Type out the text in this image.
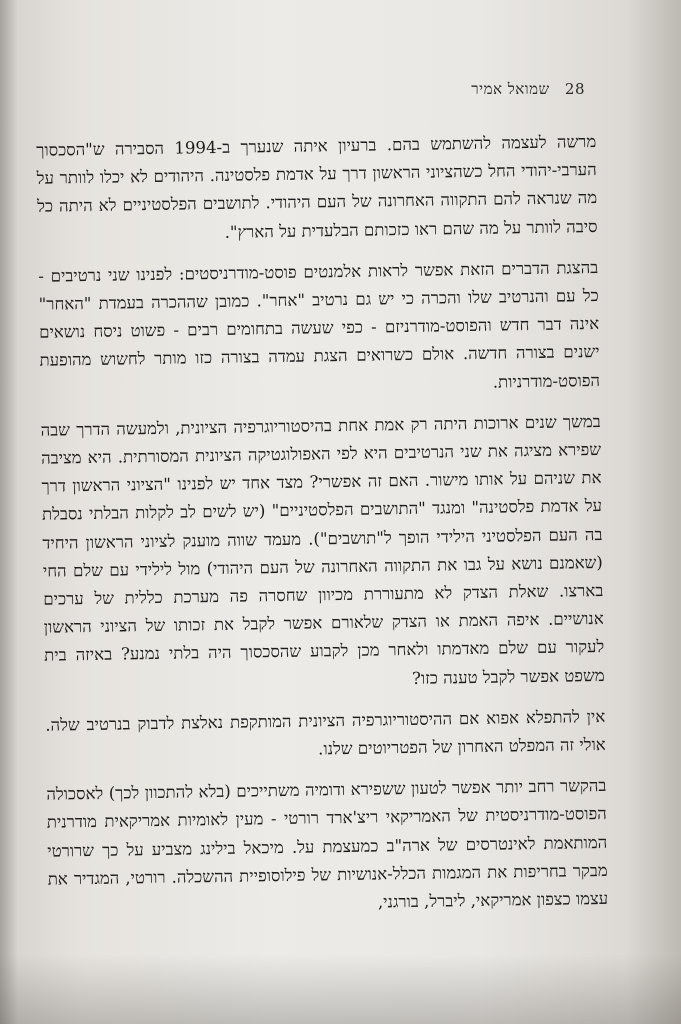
28 שמואל אמיר

מרשה לעצמה להשתמש בהם. ברעיון איתה שנערך ב-1994 הסבירה ש"הסכסוך הערבי-יהודי החל כשהציוני הראשון דרך על אדמת פלסטינה. היהודים לא יכלו לוותר על מה שנראה להם התקווה האחרונה של העם היהודי. לתושבים הפלסטיניים לא היתה כל סיבה לוותר על מה שהם ראו כזכותם הבלעדית על הארץ".

בהצגת הדברים הזאת אפשר לראות אלמנטים פוסט-מודרניסטים: לפנינו שני נרטיבים - כל עם והנרטיב שלו והכרה כי יש גם נרטיב "אחר". כמובן שההכרה בעמדת "האחר" אינה דבר חדש והפוסט-מודרניזם - כפי שעשה בתחומים רבים - פשוט ניסח נושאים ישנים בצורה חדשה. אולם כשרואים הצגת עמדה בצורה כזו מותר לחשוש מהופעת הפוסט-מודרניות.

במשך שנים ארוכות היתה רק אמת אחת בהיסטוריוגרפיה הציונית, ולמעשה הדרך שבה שפירא מציגה את שני הנרטיבים היא לפי האפולוגטיקה הציונית המסורתית. היא מציבה את שניהם על אותו מישור. האם זה אפשרי? מצד אחד יש לפנינו "הציוני הראשון דרך על אדמת פלסטינה" ומנגד "התושבים הפלסטיניים" (יש לשים לב לקלות הבלתי נסבלת בה העם הפלסטיני הילידי הופך ל"תושבים"). מעמד שווה מוענק לציוני הראשון היחיד (שאמנם נושא על גבו את התקווה האחרונה של העם היהודי) מול לילידי עם שלם החי בארצו. שאלת הצדק לא מתעוררת מכיוון שחסרה פה מערכת כללית של ערכים אנושיים. איפה האמת או הצדק שלאורם אפשר לקבל את זכותו של הציוני הראשון לעקור עם שלם מאדמתו ולאחר מכן לקבוע שהסכסוך היה בלתי נמנע? באיזה בית משפט אפשר לקבל טענה כזו?

אין להתפלא אפוא אם ההיסטוריוגרפיה הציונית המותקפת נאלצת לדבוק בנרטיב שלה. אולי זה המפלט האחרון של הפטריוטים שלנו.

בהקשר רחב יותר אפשר לטעון ששפירא ודומיה משתייכים (בלא להתכוון לכך) לאסכולה הפוסט-מודרניסטית של האמריקאי ריצ'ארד רורטי - מעין לאומיות אמריקאית מודרנית המותאמת לאינטרסים של ארה"ב כמעצמת על. מיכאל בילינג מצביע על כך שרורטי מבקר בחריפות את המגמות הכלל-אנושיות של פילוסופיית ההשכלה. רורטי, המגדיר את עצמו כצפון אמריקאי, ליברל, בורגני,
